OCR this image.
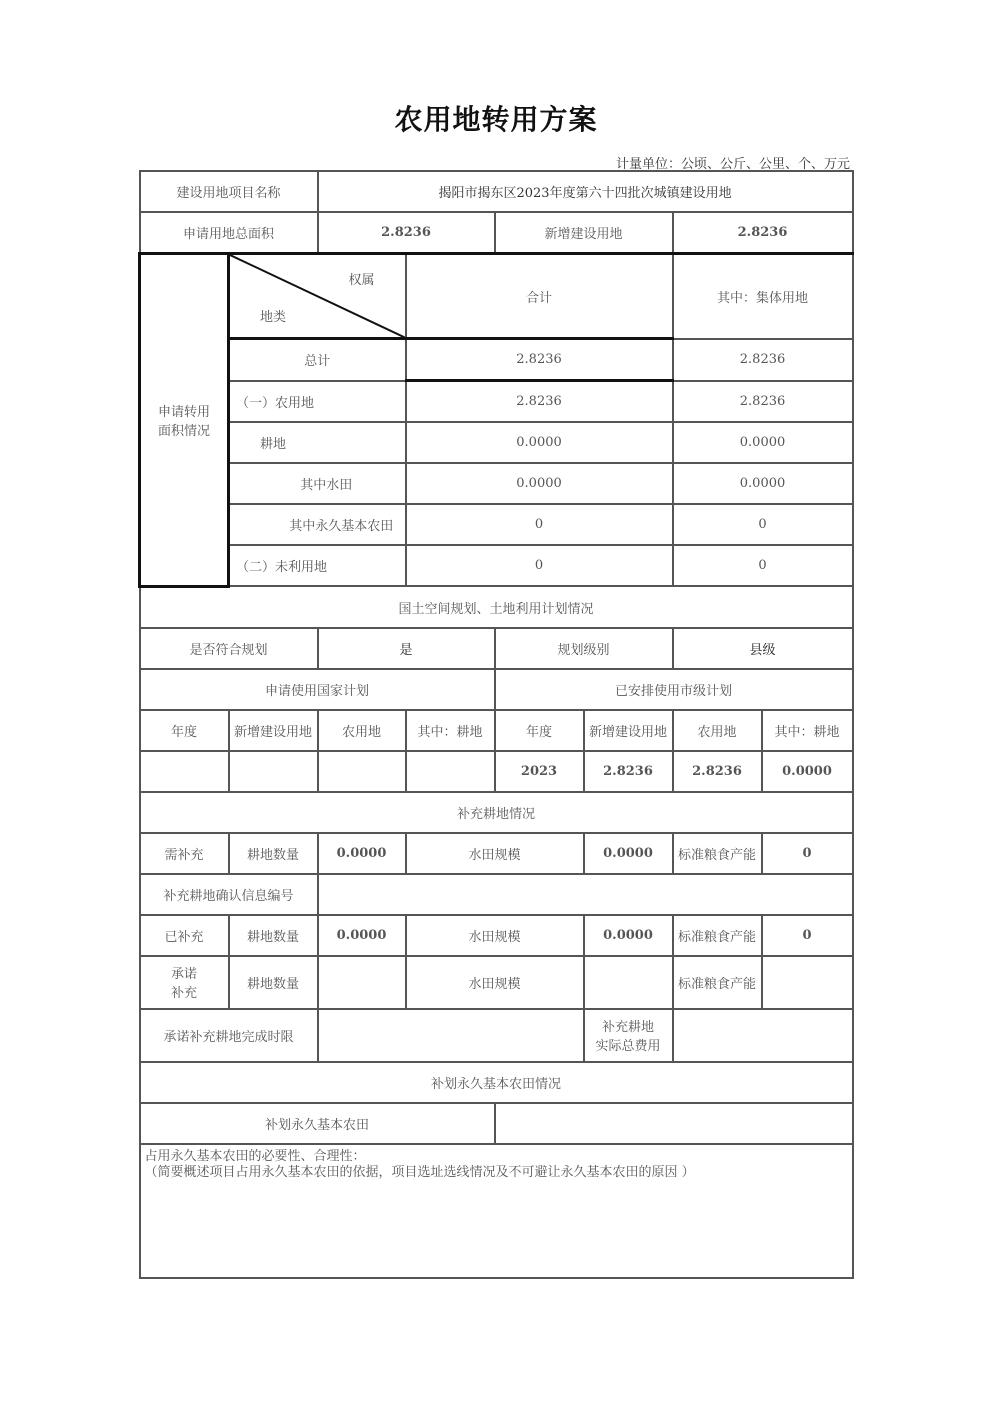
农用地转用方案
计量单位：公顷、公斤、公里、个、万元
建设用地项目名称		揭阳市揭东区2023年度第六十四批次城镇建设用地					
申请用地总面积		2.8236		新增建设用地		2.8236	
申请转用
面积情况	权属
地类		合计			其中：集体用地	
	总计		2.8236			2.8236	
	（一）农用地		2.8236			2.8236	
	耕地		0.0000			0.0000	
	其中水田		0.0000			0.0000	
	其中永久基本农田		0			0	
	（二）未利用地		0			0	
国土空间规划、土地利用计划情况							
是否符合规划		是		规划级别		县级	
申请使用国家计划				已安排使用市级计划			
年度	新增建设用地	农用地	其中：耕地	年度	新增建设用地	农用地	其中：耕地
				2023	2.8236	2.8236	0.0000
补充耕地情况							
需补充	耕地数量	0.0000	水田规模		0.0000	标准粮食产能	0
补充耕地确认信息编号							
已补充	耕地数量	0.0000	水田规模		0.0000	标准粮食产能	0
承诺
补充	耕地数量		水田规模			标准粮食产能	
承诺补充耕地完成时限					补充耕地
实际总费用		
补划永久基本农田情况							
补划永久基本农田							

占用永久基本农田的必要性、合理性：
（简要概述项目占用永久基本农田的依据，项目选址选线情况及不可避让永久基本农田的原因 ）							
